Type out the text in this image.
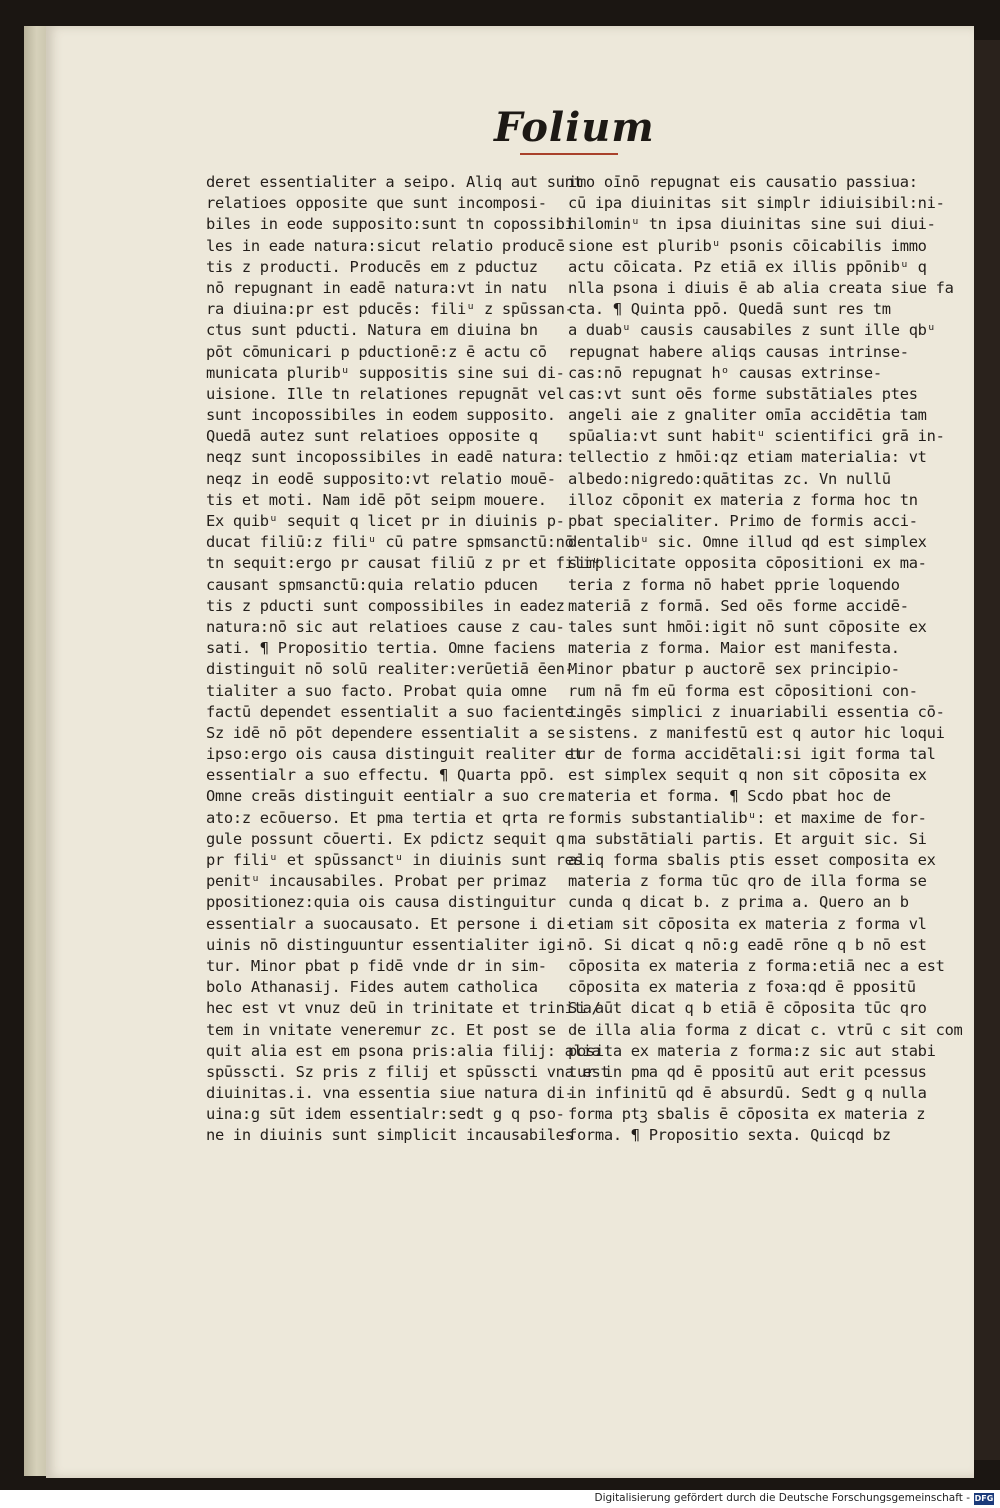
Folium
deret essentialiter a seipo. Aliq aut sunt
relatioes opposite que sunt incomposi-
biles in eode supposito:sunt tn copossibi
les in eade natura:sicut relatio producē
tis z producti. Producēs em z pductuz
nō repugnant in eadē natura:vt in natu
ra diuina:pr est pducēs: filiᵘ z spūssan-
ctus sunt pducti. Natura em diuina bn
pōt cōmunicari p pductionē:z ē actu cō
municata pluribᵘ suppositis sine sui di-
uisione. Ille tn relationes repugnāt vel
sunt incopossibiles in eodem supposito.
Quedā autez sunt relatioes opposite q
neqz sunt incopossibiles in eadē natura:
neqz in eodē supposito:vt relatio mouē-
tis et moti. Nam idē pōt seipm mouere.
Ex quibᵘ sequit q licet pr in diuinis p-
ducat filiū:z filiᵘ cū patre spmsanctū:nō
tn sequit:ergo pr causat filiū z pr et filiᵘ
causant spmsanctū:quia relatio pducen
tis z pducti sunt compossibiles in eadez
natura:nō sic aut relatioes cause z cau-
sati. ¶ Propositio tertia. Omne faciens
distinguit nō solū realiter:verūetiā ēen-
tialiter a suo facto. Probat quia omne
factū dependet essentialit a suo faciente.
Sz idē nō pōt dependere essentialit a se
ipso:ergo ois causa distinguit realiter et
essentialr a suo effectu. ¶ Quarta ppō.
Omne creās distinguit eentialr a suo cre
ato:z ecōuerso. Et pma tertia et qrta re
gule possunt cōuerti. Ex pdictz sequit q
pr filiᵘ et spūssanctᵘ in diuinis sunt res
penitᵘ incausabiles. Probat per primaz
ppositionez:quia ois causa distinguitur
essentialr a suocausato. Et persone i di-
uinis nō distinguuntur essentialiter igi-
tur. Minor pbat p fidē vnde dr in sim-
bolo Athanasij. Fides autem catholica
hec est vt vnuz deū in trinitate et trinita/
tem in vnitate veneremur zc. Et post se
quit alia est em psona pris:alia filij: alia
spūsscti. Sz pris z filij et spūsscti vna est
diuinitas.i. vna essentia siue natura di-
uina:g sūt idem essentialr:sedt g q pso-
ne in diuinis sunt simplicit incausabiles
imo oīnō repugnat eis causatio passiua:
cū ipa diuinitas sit simplr idiuisibil:ni-
hilominᵘ tn ipsa diuinitas sine sui diui-
sione est pluribᵘ psonis cōicabilis immo
actu cōicata. Pz etiā ex illis ppōnibᵘ q
nlla psona i diuis ē ab alia creata siue fa
cta. ¶ Quinta ppō. Quedā sunt res tm
a duabᵘ causis causabiles z sunt ille qbᵘ
repugnat habere aliqs causas intrinse-
cas:nō repugnat hᵒ causas extrinse-
cas:vt sunt oēs forme substātiales ptes
angeli aie z gnaliter omīa accidētia tam
spūalia:vt sunt habitᵘ scientifici grā in-
tellectio z hmōi:qz etiam materialia: vt
albedo:nigredo:quātitas zc. Vn nullū
illoz cōponit ex materia z forma hoc tn
pbat specialiter. Primo de formis acci-
dentalibᵘ sic. Omne illud qd est simplex
simplicitate opposita cōpositioni ex ma-
teria z forma nō habet pprie loquendo
materiā z formā. Sed oēs forme accidē-
tales sunt hmōi:igit nō sunt cōposite ex
materia z forma. Maior est manifesta.
Minor pbatur p auctorē sex principio-
rum nā fm eū forma est cōpositioni con-
tingēs simplici z inuariabili essentia cō-
sistens. z manifestū est q autor hic loqui
tur de forma accidētali:si igit forma tal
est simplex sequit q non sit cōposita ex
materia et forma. ¶ Scdo pbat hoc de
formis substantialibᵘ: et maxime de for-
ma substātiali partis. Et arguit sic. Si
aliq forma sbalis ptis esset composita ex
materia z forma tūc qro de illa forma se
cunda q dicat b. z prima a. Quero an b
etiam sit cōposita ex materia z forma vl
nō. Si dicat q nō:g eadē rōne q b nō est
cōposita ex materia z forma:etiā nec a est
cōposita ex materia z foꝛa:qd ē ppositū
Si aūt dicat q b etiā ē cōposita tūc qro
de illa alia forma z dicat c. vtrū c sit com
posita ex materia z forma:z sic aut stabi
tur in pma qd ē ppositū aut erit pcessus
in infinitū qd ē absurdū. Sedt g q nulla
forma ptꝫ sbalis ē cōposita ex materia z
forma. ¶ Propositio sexta. Quicqd bz
Digitalisierung gefördert durch die Deutsche Forschungsgemeinschaft - DFG
